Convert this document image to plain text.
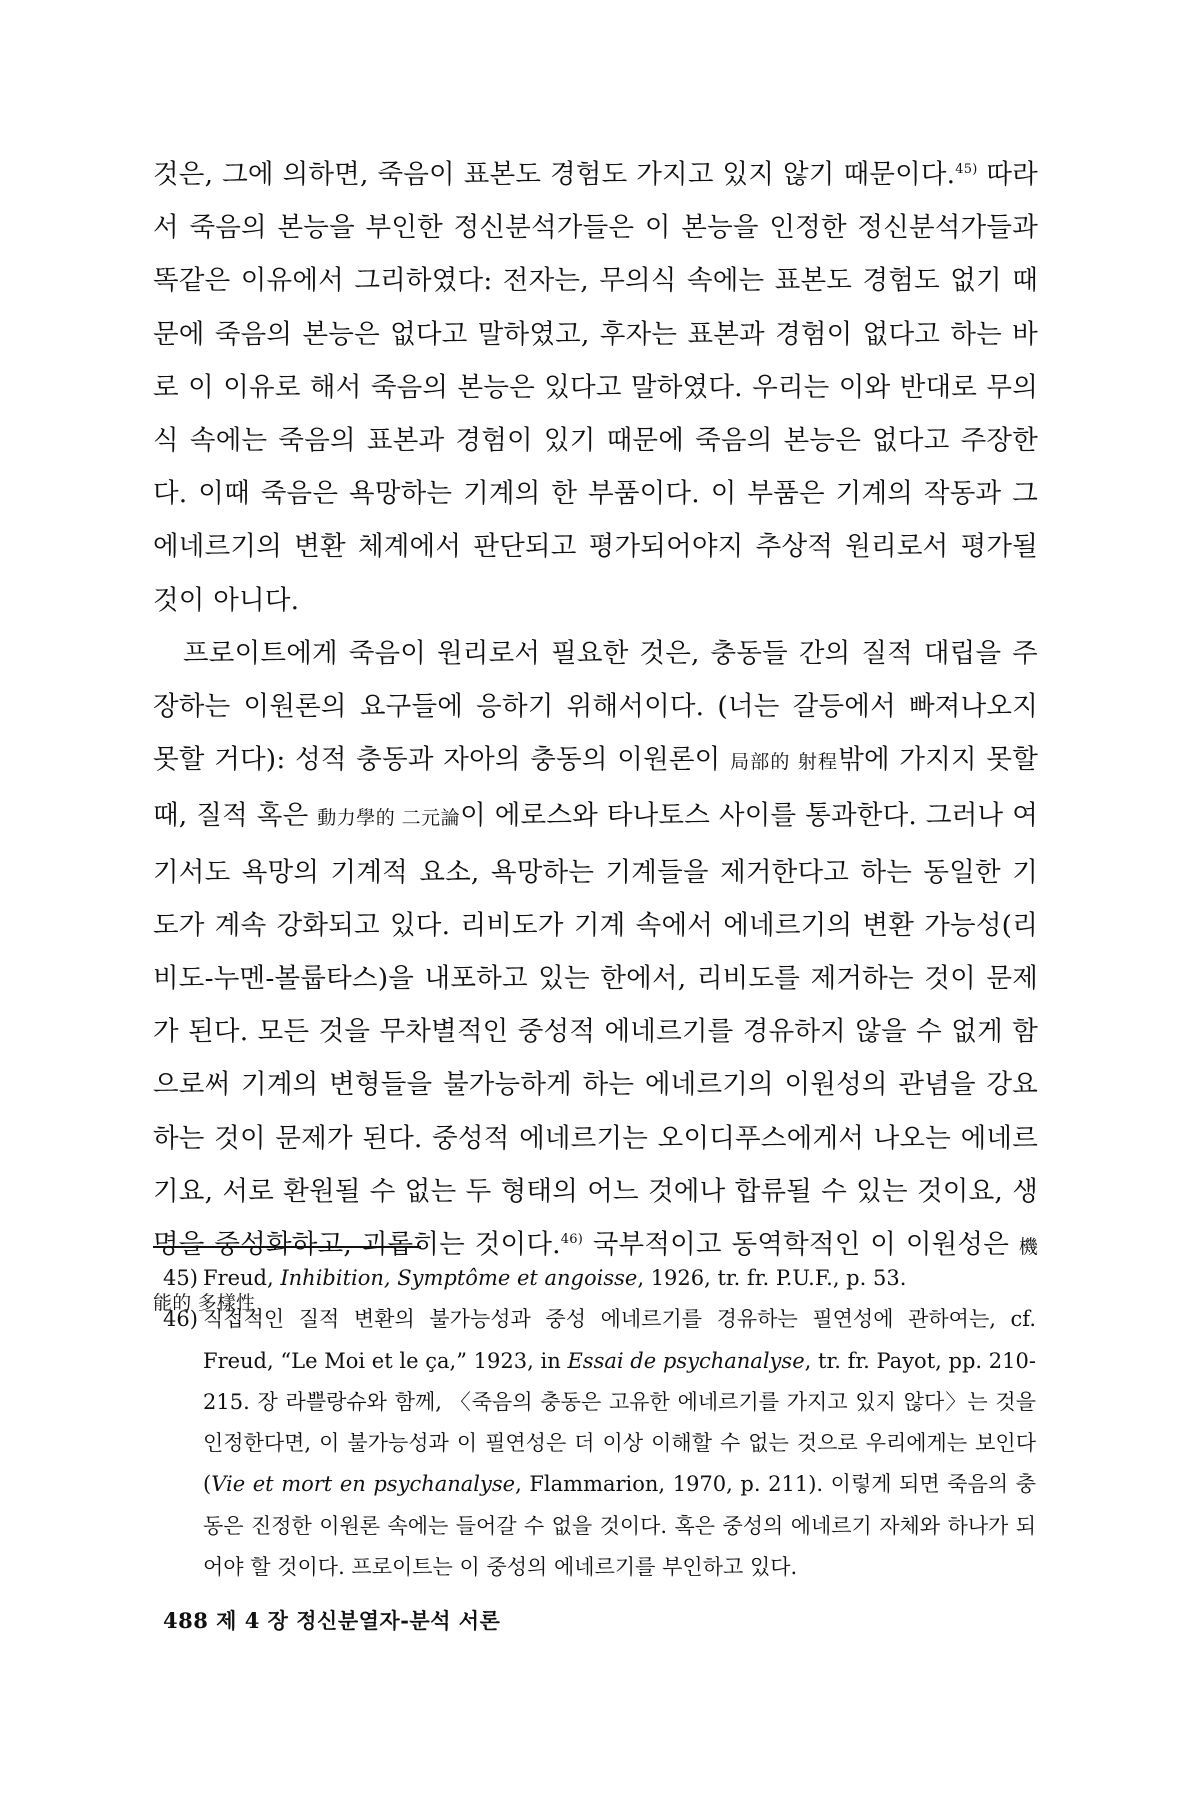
것은, 그에 의하면, 죽음이 표본도 경험도 가지고 있지 않기 때문이다.$^{45)}$ 따라서 죽음의 본능을 부인한 정신분석가들은 이 본능을 인정한 정신분석가들과 똑같은 이유에서 그리하였다: 전자는, 무의식 속에는 표본도 경험도 없기 때문에 죽음의 본능은 없다고 말하였고, 후자는 표본과 경험이 없다고 하는 바로 이 이유로 해서 죽음의 본능은 있다고 말하였다. 우리는 이와 반대로 무의식 속에는 죽음의 표본과 경험이 있기 때문에 죽음의 본능은 없다고 주장한다. 이때 죽음은 욕망하는 기계의 한 부품이다. 이 부품은 기계의 작동과 그 에네르기의 변환 체계에서 판단되고 평가되어야지 추상적 원리로서 평가될 것이 아니다.

프로이트에게 죽음이 원리로서 필요한 것은, 충동들 간의 질적 대립을 주장하는 이원론의 요구들에 응하기 위해서이다. (너는 갈등에서 빠져나오지 못할 거다): 성적 충동과 자아의 충동의 이원론이 局部的 射程밖에 가지지 못할 때, 질적 혹은 動力學的 二元論이 에로스와 타나토스 사이를 통과한다. 그러나 여기서도 욕망의 기계적 요소, 욕망하는 기계들을 제거한다고 하는 동일한 기도가 계속 강화되고 있다. 리비도가 기계 속에서 에네르기의 변환 가능성(리비도-누멘-볼룹타스)을 내포하고 있는 한에서, 리비도를 제거하는 것이 문제가 된다. 모든 것을 무차별적인 중성적 에네르기를 경유하지 않을 수 없게 함으로써 기계의 변형들을 불가능하게 하는 에네르기의 이원성의 관념을 강요하는 것이 문제가 된다. 중성적 에네르기는 오이디푸스에게서 나오는 에네르기요, 서로 환원될 수 없는 두 형태의 어느 것에나 합류될 수 있는 것이요, 생명을 중성화하고, 괴롭히는 것이다.$^{46)}$ 국부적이고 동역학적인 이 이원성은 機能的 多樣性

45) Freud, Inhibition, Symptôme et angoisse, 1926, tr. fr. P.U.F., p. 53.
46) 직접적인 질적 변환의 불가능성과 중성 에네르기를 경유하는 필연성에 관하여는, cf. Freud, “Le Moi et le ça,” 1923, in Essai de psychanalyse, tr. fr. Payot, pp. 210-215. 장 라쁠랑슈와 함께, 〈죽음의 충동은 고유한 에네르기를 가지고 있지 않다〉는 것을 인정한다면, 이 불가능성과 이 필연성은 더 이상 이해할 수 없는 것으로 우리에게는 보인다(Vie et mort en psychanalyse, Flammarion, 1970, p. 211). 이렇게 되면 죽음의 충동은 진정한 이원론 속에는 들어갈 수 없을 것이다. 혹은 중성의 에네르기 자체와 하나가 되어야 할 것이다. 프로이트는 이 중성의 에네르기를 부인하고 있다.
488 제 4 장 정신분열자-분석 서론
